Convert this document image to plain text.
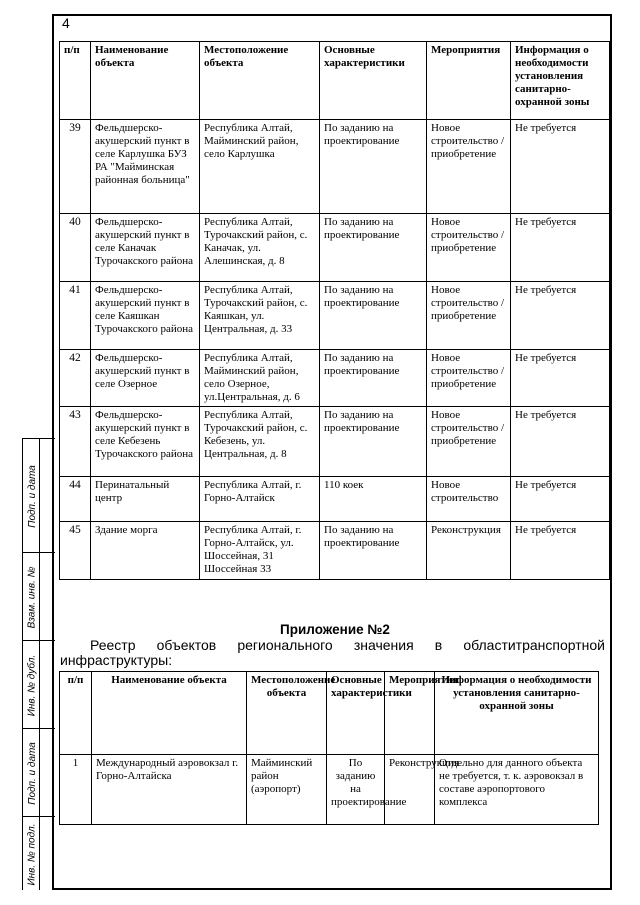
Подп. и дата
Взам. инв. №
Инв. № дубл.
Подп. и дата
Инв. № подл.
4
п/п	Наименование объекта	Местоположение объекта	Основные характеристики	Мероприятия	Информация о необходимости установления санитарно-охранной зоны
39	Фельдшерско-акушерский пункт в селе Карлушка БУЗ РА "Майминская районная больница"	Республика Алтай, Майминский район, село Карлушка	По заданию на проектирование	Новое строительство /приобретение	Не требуется
40	Фельдшерско-акушерский пункт в селе Каначак Турочакского района	Республика Алтай, Турочакский район, с. Каначак, ул. Алешинская, д. 8	По заданию на проектирование	Новое строительство /приобретение	Не требуется
41	Фельдшерско-акушерский пункт в селе Каяшкан Турочакского района	Республика Алтай, Турочакский район, с. Каяшкан, ул. Центральная, д. 33	По заданию на проектирование	Новое строительство /приобретение	Не требуется
42	Фельдшерско-акушерский пункт в селе Озерное	Республика Алтай, Майминский район, село Озерное, ул.Центральная, д. 6	По заданию на проектирование	Новое строительство /приобретение	Не требуется
43	Фельдшерско-акушерский пункт в селе Кебезень Турочакского района	Республика Алтай, Турочакский район, с. Кебезень, ул. Центральная, д. 8	По заданию на проектирование	Новое строительство /приобретение	Не требуется
44	Перинатальный центр	Республика Алтай, г. Горно-Алтайск	110 коек	Новое строительство	Не требуется
45	Здание морга	Республика Алтай, г. Горно-Алтайск, ул. Шоссейная, 31 Шоссейная 33	По заданию на проектирование	Реконструкция	Не требуется
Приложение №2
Реестр объектов регионального значения в областитранспортной инфраструктуры:
п/п	Наименование объекта	Местоположение объекта	Основные характеристики	Мероприятия	Информация о необходимости установления санитарно-охранной зоны
1	Международный аэровокзал г. Горно-Алтайска	Майминский район (аэропорт)	По заданию на проектирование	Реконструкция	Отдельно для данного объекта не требуется, т. к. аэровокзал в составе аэропортового комплекса
